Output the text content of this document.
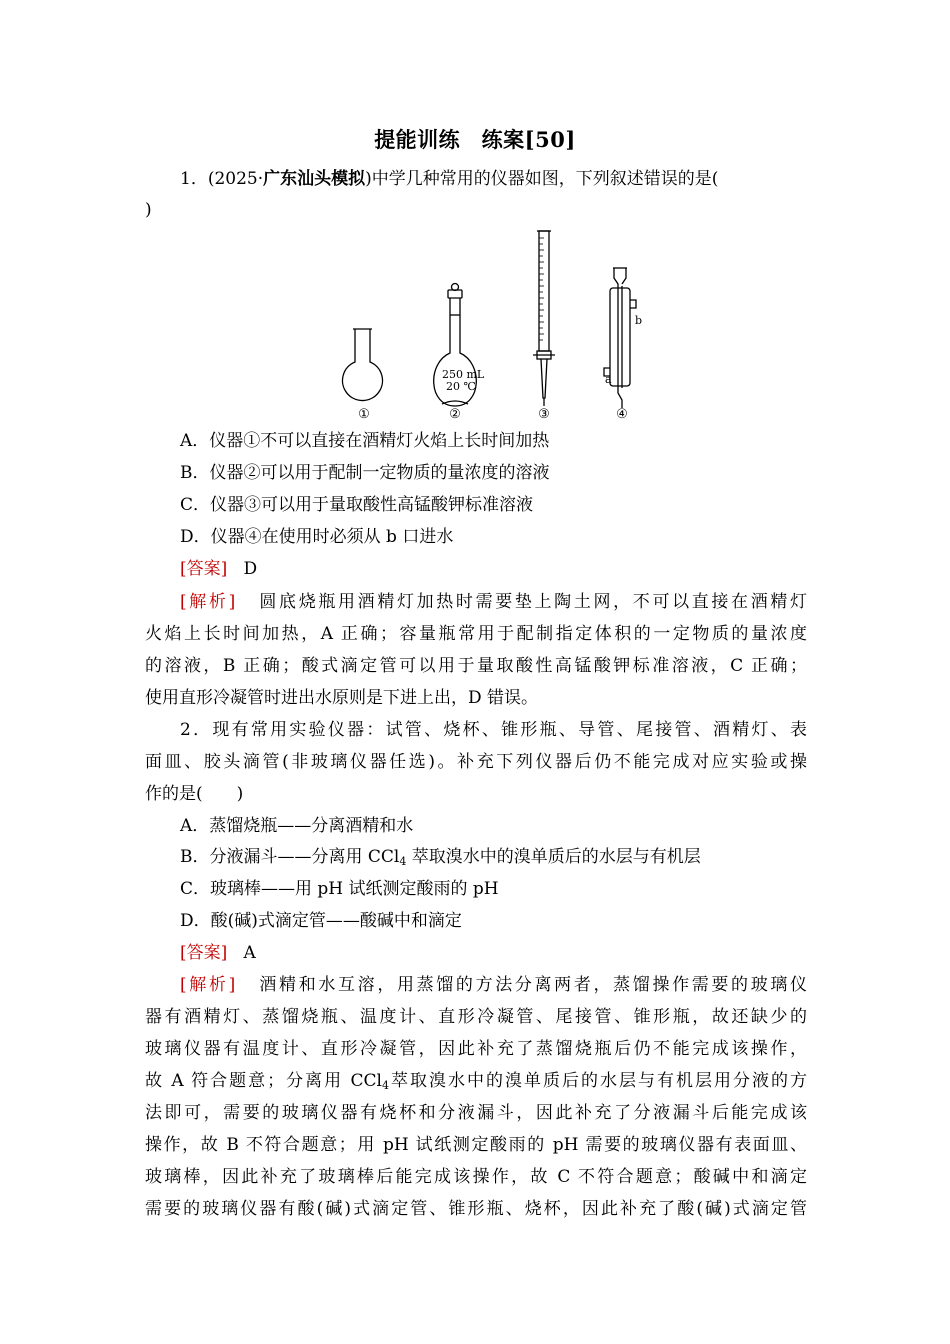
提能训练　练案[50]
1．(2025·广东汕头模拟)中学几种常用的仪器如图，下列叙述错误的是(
)
250 mL
20 ℃
b
a
①	②	③	④
A．仪器①不可以直接在酒精灯火焰上长时间加热
B．仪器②可以用于配制一定物质的量浓度的溶液
C．仪器③可以用于量取酸性高锰酸钾标准溶液
D．仪器④在使用时必须从 b 口进水
[答案] D
[解析] 圆底烧瓶用酒精灯加热时需要垫上陶土网，不可以直接在酒精灯
火焰上长时间加热，A 正确；容量瓶常用于配制指定体积的一定物质的量浓度
的溶液，B 正确；酸式滴定管可以用于量取酸性高锰酸钾标准溶液，C 正确；
使用直形冷凝管时进出水原则是下进上出，D 错误。
2．现有常用实验仪器：试管、烧杯、锥形瓶、导管、尾接管、酒精灯、表
面皿、胶头滴管(非玻璃仪器任选)。补充下列仪器后仍不能完成对应实验或操
作的是(　　)
A．蒸馏烧瓶——分离酒精和水
B．分液漏斗——分离用 CCl$_4$ 萃取溴水中的溴单质后的水层与有机层
C．玻璃棒——用 pH 试纸测定酸雨的 pH
D．酸(碱)式滴定管——酸碱中和滴定
[答案] A
[解析] 酒精和水互溶，用蒸馏的方法分离两者，蒸馏操作需要的玻璃仪
器有酒精灯、蒸馏烧瓶、温度计、直形冷凝管、尾接管、锥形瓶，故还缺少的
玻璃仪器有温度计、直形冷凝管，因此补充了蒸馏烧瓶后仍不能完成该操作，
故 A 符合题意；分离用 CCl$_4$萃取溴水中的溴单质后的水层与有机层用分液的方
法即可，需要的玻璃仪器有烧杯和分液漏斗，因此补充了分液漏斗后能完成该
操作，故 B 不符合题意；用 pH 试纸测定酸雨的 pH 需要的玻璃仪器有表面皿、
玻璃棒，因此补充了玻璃棒后能完成该操作，故 C 不符合题意；酸碱中和滴定
需要的玻璃仪器有酸(碱)式滴定管、锥形瓶、烧杯，因此补充了酸(碱)式滴定管
